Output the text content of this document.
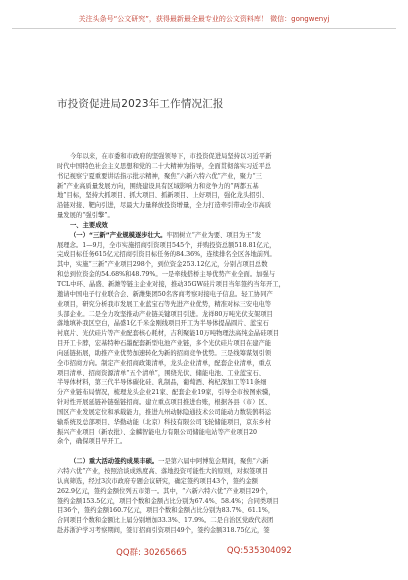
关注头条号“公文研究”，获得最新最全最专业的公文资料库！ 微信：gongwenyj
市投资促进局2023年工作情况汇报
今年以来，在市委和市政府的坚强领导下，市投资促进局坚持以习近平新
时代中国特色社会主义思想和党的二十大精神为指导，全面贯彻落实习近平总
书记视察宁夏重要讲话指示批示精神，聚焦“六新六特六优”产业，聚力“三
新”产业高质量发展方向，围绕建设具有区域影响力和竞争力的“两都五基
地”目标，坚持大抓项目、抓大项目、抓新项目、上好项目，强化龙头招引、
沿链对接、靶向引进，尽最大力量释放投资增量，全力打造牵引带动全市高质
量发展的“强引擎”。
一、主要成效
（一）“三新”产业规模逐步壮大。牢固树立“产业为要、项目为王”发
展理念。1—9月，全市实施招商引资项目545个，并购投资总额518.81亿元，
完成目标任务615亿元招商引资目标任务的84.36%，连续排名全区各地前列。
其中，实施“三新”产业项目298个，到位资金253.12亿元，分别占项目总数
和总到位资金的54.68%和48.79%。一是牵线搭桥主导优势产业全面。加强与
TCL中环、晶盛、新潍等链主企业对接，推动35GW硅片项目当年签约当年开工，
邀请中国电子行业联合会、新潍集团50名客商考察对接电子信息。轻工协同产
业项目，研究分析我市发展工业蓝宝石等先进产业优势，精准对标三安电电等
头部企业。二是全力攻坚推动产业链关键项目引进。龙祥80万吨光伏支架项目
落地填补我区空白，晶盛1亿千米金刚线项目开工为半导体提晶圆片、蓝宝石
衬底片、光伏硅片等产业配套核心耗材，吉利聚能10万吨物理法高纯金晶硅项目
目开工卡脖，宏基特种石墨配套新型电池产业链，多个光伏硅片项目在建产能
向延链拓展，助推产业优势加速转化为新的招商竞争优势。三是线筹谋划引领
全市招商方向。制定产业招商政策清单，龙头企业清单，配套企业清单，重点
项目清单、招商资源清单“五个清单”，围绕光伏、储能电池、工业蓝宝石、
半导体材料，第三代半导体碳化硅、乳制品，葡萄酒、枸杞深加工等11条细
分产业链布局情况，梳理龙头企业21家、配套企业19家，引导全市按图索骥，
针对性开展延链补链强链招商。建立重点项目推进台账，根据各县（市）区、
国区产业发展定位和承载能力，推进九州动脉隐通技术公司能动力数装鹄料运
输系统及总部项目、华勤动能（北京）科技有限公司飞轮储能项目，京东乡村
振兴产业项目（新农批）、金麟智能电力有限公司储能电站等产业项目20
余个，确保项目早开工。
（二）重大活动签约成果丰硕。一是第六届中阿博览会期间，聚焦“六新
六特六优”产业，按照洽谈成熟度高、落地投资可能性大的原则，对拟签项目
认真筛选，经过3次市政府专题会议研究，确定签约项目43个，签约金额
262.9亿元，签约金额位列五市第一。其中，“六新六特六优”产业项目29个，
签约金额153.5亿元，项目个数和金额占比分别为67.4%、58.4%；合同类项目
目36个，签约金额160.7亿元，项目个数和金额占比分别为83.7%、61.1%，
合同项目个数和金额比上届分别增加33.3%、17.9%。二是自治区党政代表团
赴苏浙沪学习考察期间，签订招商引资项目49个，签约金额318.75亿元，签
QQ群: 30265665	QQ:535304092
